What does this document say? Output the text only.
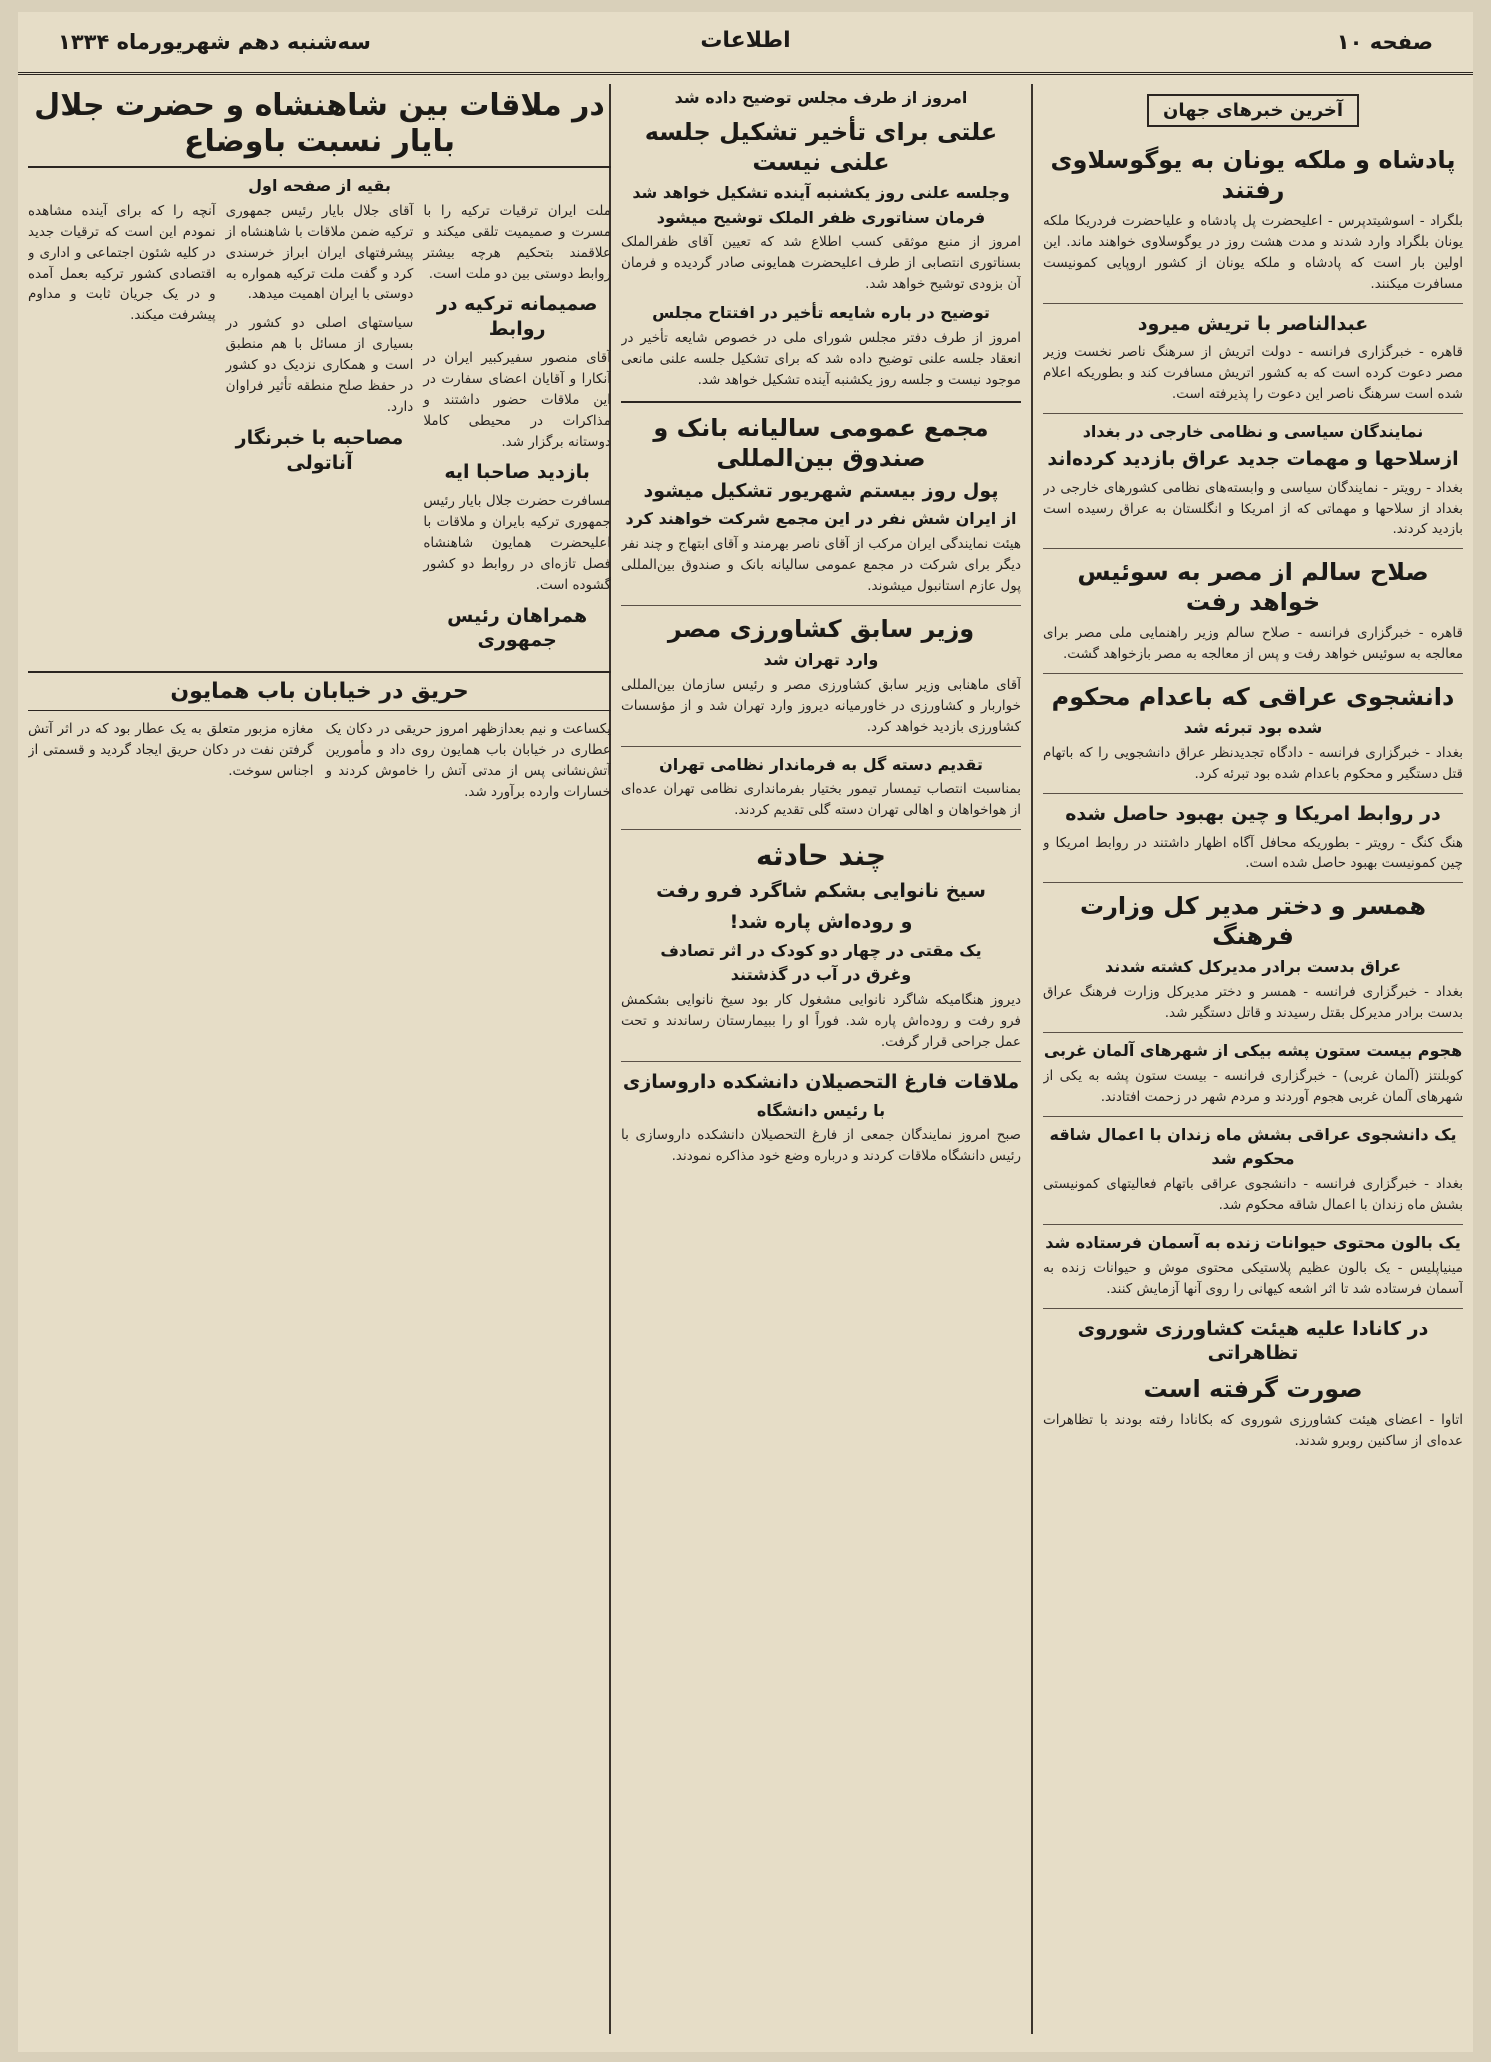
صفحه ۱۰
اطلاعات
سه‌شنبه دهم شهریورماه ۱۳۳۴
آخرین خبرهای جهان
پادشاه و ملکه یونان به یوگوسلاوی رفتند

بلگراد - اسوشیتدپرس - اعلیحضرت پل پادشاه و علیاحضرت فردریکا ملکه یونان بلگراد وارد شدند و مدت هشت روز در یوگوسلاوی خواهند ماند. این اولین بار است که پادشاه و ملکه یونان از کشور اروپایی کمونیست مسافرت میکنند.

عبدالناصر با تریش میرود

قاهره - خبرگزاری فرانسه - دولت اتریش از سرهنگ ناصر نخست وزیر مصر دعوت کرده است که به کشور اتریش مسافرت کند و بطوریکه اعلام شده است سرهنگ ناصر این دعوت را پذیرفته است.

نمایندگان سیاسی و نظامی خارجی در بغداد
ازسلاحها و مهمات جدید عراق بازدید کرده‌اند

بغداد - رویتر - نمایندگان سیاسی و وابسته‌های نظامی کشورهای خارجی در بغداد از سلاحها و مهماتی که از امریکا و انگلستان به عراق رسیده است بازدید کردند.

صلاح سالم از مصر به سوئیس خواهد رفت

قاهره - خبرگزاری فرانسه - صلاح سالم وزیر راهنمایی ملی مصر برای معالجه به سوئیس خواهد رفت و پس از معالجه به مصر بازخواهد گشت.

دانشجوی عراقی که باعدام محکوم
شده بود تبرئه شد

بغداد - خبرگزاری فرانسه - دادگاه تجدیدنظر عراق دانشجویی را که باتهام قتل دستگیر و محکوم باعدام شده بود تبرئه کرد.

در روابط امریکا و چین بهبود حاصل شده

هنگ کنگ - رویتر - بطوریکه محافل آگاه اظهار داشتند در روابط امریکا و چین کمونیست بهبود حاصل شده است.

همسر و دختر مدیر کل وزارت فرهنگ
عراق بدست برادر مدیرکل کشته شدند

بغداد - خبرگزاری فرانسه - همسر و دختر مدیرکل وزارت فرهنگ عراق بدست برادر مدیرکل بقتل رسیدند و قاتل دستگیر شد.

هجوم بیست ستون پشه بیکی از شهرهای آلمان غربی

کوبلنتز (آلمان غربی) - خبرگزاری فرانسه - بیست ستون پشه به یکی از شهرهای آلمان غربی هجوم آوردند و مردم شهر در زحمت افتادند.

یک دانشجوی عراقی بشش ماه زندان با اعمال شاقه
محکوم شد

بغداد - خبرگزاری فرانسه - دانشجوی عراقی باتهام فعالیتهای کمونیستی بشش ماه زندان با اعمال شاقه محکوم شد.

یک بالون محتوی حیوانات زنده به آسمان فرستاده شد

مینیاپلیس - یک بالون عظیم پلاستیکی محتوی موش و حیوانات زنده به آسمان فرستاده شد تا اثر اشعه کیهانی را روی آنها آزمایش کنند.

در کانادا علیه هیئت کشاورزی شوروی تظاهراتی
صورت گرفته است

اتاوا - اعضای هیئت کشاورزی شوروی که بکانادا رفته بودند با تظاهرات عده‌ای از ساکنین روبرو شدند.

امروز از طرف مجلس توضیح داده شد
علتی برای تأخیر تشکیل جلسه علنی نیست
وجلسه علنی روز یکشنبه آینده تشکیل خواهد شد
فرمان سناتوری ظفر الملک توشیح میشود

امروز از منبع موثقی کسب اطلاع شد که تعیین آقای ظفرالملک بسناتوری انتصابی از طرف اعلیحضرت همایونی صادر گردیده و فرمان آن بزودی توشیح خواهد شد.

توضیح در باره شایعه تأخیر در افتتاح مجلس

امروز از طرف دفتر مجلس شورای ملی در خصوص شایعه تأخیر در انعقاد جلسه علنی توضیح داده شد که برای تشکیل جلسه علنی مانعی موجود نیست و جلسه روز یکشنبه آینده تشکیل خواهد شد.

مجمع عمومی سالیانه بانک و صندوق بین‌المللی
پول روز بیستم شهریور تشکیل میشود
از ایران شش نفر در این مجمع شرکت خواهند کرد

هیئت نمایندگی ایران مرکب از آقای ناصر بهرمند و آقای ابتهاج و چند نفر دیگر برای شرکت در مجمع عمومی سالیانه بانک و صندوق بین‌المللی پول عازم استانبول میشوند.

وزیر سابق کشاورزی مصر
وارد تهران شد

آقای ماهنابی وزیر سابق کشاورزی مصر و رئیس سازمان بین‌المللی خواربار و کشاورزی در خاورمیانه دیروز وارد تهران شد و از مؤسسات کشاورزی بازدید خواهد کرد.

تقدیم دسته گل به فرماندار نظامی تهران

بمناسبت انتصاب تیمسار تیمور بختیار بفرمانداری نظامی تهران عده‌ای از هواخواهان و اهالی تهران دسته گلی تقدیم کردند.

چند حادثه
سیخ نانوایی بشکم شاگرد فرو رفت
و روده‌اش پاره شد!
یک مقتی در چهار دو کودک در اثر تصادف
وغرق در آب در گذشتند

دیروز هنگامیکه شاگرد نانوایی مشغول کار بود سیخ نانوایی بشکمش فرو رفت و روده‌اش پاره شد. فوراً او را ببیمارستان رساندند و تحت عمل جراحی قرار گرفت.

ملاقات فارغ التحصیلان دانشکده داروسازی
با رئیس دانشگاه

صبح امروز نمایندگان جمعی از فارغ التحصیلان دانشکده داروسازی با رئیس دانشگاه ملاقات کردند و درباره وضع خود مذاکره نمودند.

در ملاقات بین شاهنشاه و حضرت جلال بایار نسبت باوضاع
بقیه از صفحه اول

ملت ایران ترقیات ترکیه را با مسرت و صمیمیت تلقی میکند و علاقمند بتحکیم هرچه بیشتر روابط دوستی بین دو ملت است.

صمیمانه ترکیه در روابط

آقای منصور سفیرکبیر ایران در آنکارا و آقایان اعضای سفارت در این ملاقات حضور داشتند و مذاکرات در محیطی کاملا دوستانه برگزار شد.

بازدید صاحبا ایه

مسافرت حضرت جلال بایار رئیس جمهوری ترکیه بایران و ملاقات با اعلیحضرت همایون شاهنشاه فصل تازه‌ای در روابط دو کشور گشوده است.

همراهان رئیس جمهوری

آقای جلال بایار رئیس جمهوری ترکیه ضمن ملاقات با شاهنشاه از پیشرفتهای ایران ابراز خرسندی کرد و گفت ملت ترکیه همواره به دوستی با ایران اهمیت میدهد.

سیاستهای اصلی دو کشور در بسیاری از مسائل با هم منطبق است و همکاری نزدیک دو کشور در حفظ صلح منطقه تأثیر فراوان دارد.

مصاحبه با خبرنگار آناتولی

آنچه را که برای آینده مشاهده نمودم این است که ترقیات جدید در کلیه شئون اجتماعی و اداری و اقتصادی کشور ترکیه بعمل آمده و در یک جریان ثابت و مداوم پیشرفت میکند.

حریق در خیابان باب همایون

یکساعت و نیم بعدازظهر امروز حریقی در دکان یک عطاری در خیابان باب همایون روی داد و مأمورین آتش‌نشانی پس از مدتی آتش را خاموش کردند و خسارات وارده برآورد شد.

مغازه مزبور متعلق به یک عطار بود که در اثر آتش گرفتن نفت در دکان حریق ایجاد گردید و قسمتی از اجناس سوخت.
